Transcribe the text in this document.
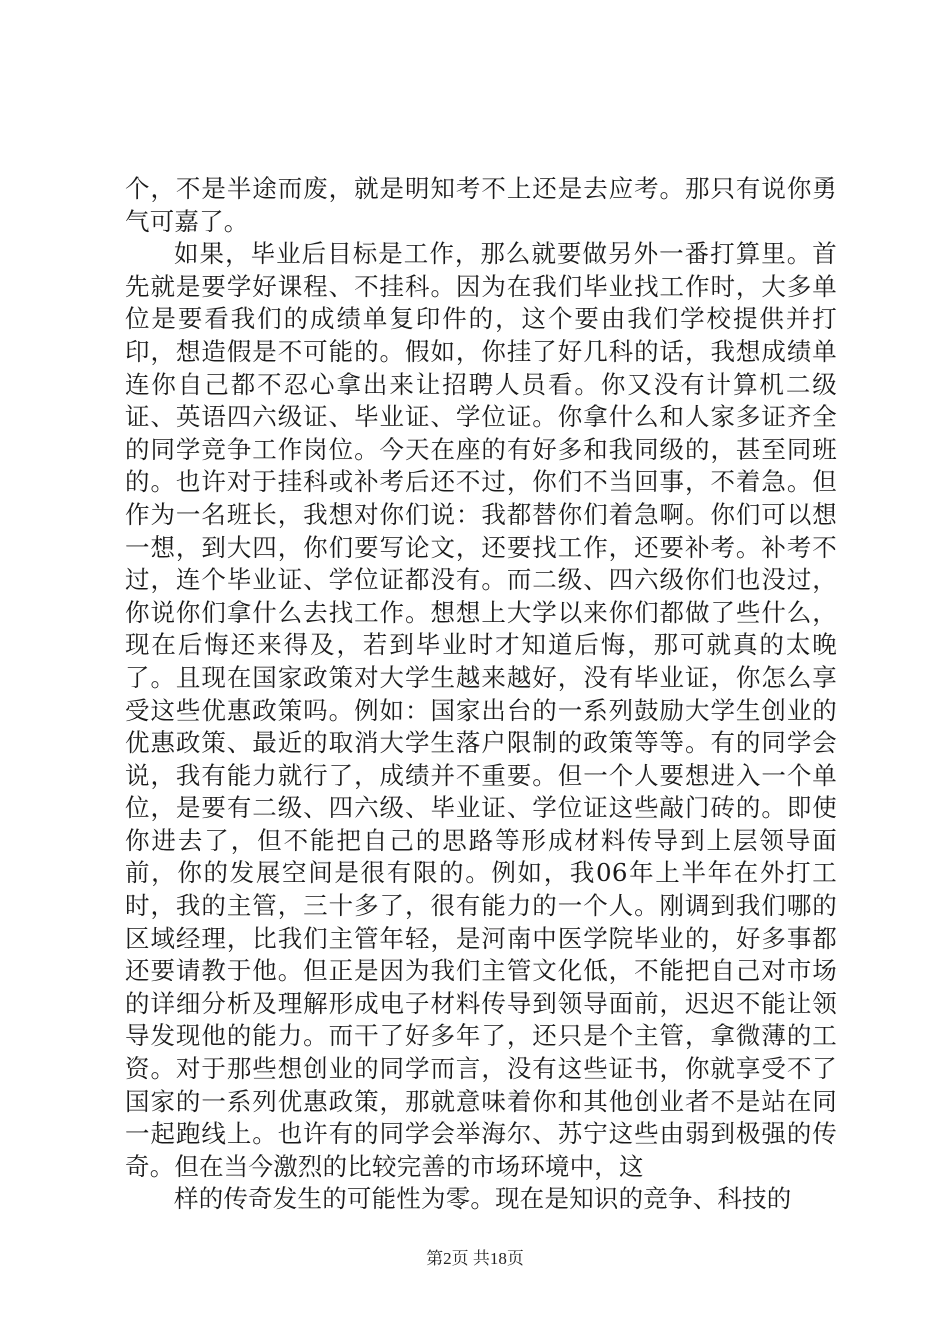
个，不是半途而废，就是明知考不上还是去应考。那只有说你勇气可嘉了。

如果，毕业后目标是工作，那么就要做另外一番打算里。首先就是要学好课程、不挂科。因为在我们毕业找工作时，大多单位是要看我们的成绩单复印件的，这个要由我们学校提供并打印，想造假是不可能的。假如，你挂了好几科的话，我想成绩单连你自己都不忍心拿出来让招聘人员看。你又没有计算机二级证、英语四六级证、毕业证、学位证。你拿什么和人家多证齐全的同学竞争工作岗位。今天在座的有好多和我同级的，甚至同班的。也许对于挂科或补考后还不过，你们不当回事，不着急。但作为一名班长，我想对你们说：我都替你们着急啊。你们可以想一想，到大四，你们要写论文，还要找工作，还要补考。补考不过，连个毕业证、学位证都没有。而二级、四六级你们也没过，你说你们拿什么去找工作。想想上大学以来你们都做了些什么，现在后悔还来得及，若到毕业时才知道后悔，那可就真的太晚了。且现在国家政策对大学生越来越好，没有毕业证，你怎么享受这些优惠政策吗。例如：国家出台的一系列鼓励大学生创业的优惠政策、最近的取消大学生落户限制的政策等等。有的同学会说，我有能力就行了，成绩并不重要。但一个人要想进入一个单位，是要有二级、四六级、毕业证、学位证这些敲门砖的。即使你进去了，但不能把自己的思路等形成材料传导到上层领导面前，你的发展空间是很有限的。例如，我06年上半年在外打工时，我的主管，三十多了，很有能力的一个人。刚调到我们哪的区域经理，比我们主管年轻，是河南中医学院毕业的，好多事都还要请教于他。但正是因为我们主管文化低，不能把自己对市场的详细分析及理解形成电子材料传导到领导面前，迟迟不能让领导发现他的能力。而干了好多年了，还只是个主管，拿微薄的工资。对于那些想创业的同学而言，没有这些证书，你就享受不了国家的一系列优惠政策，那就意味着你和其他创业者不是站在同一起跑线上。也许有的同学会举海尔、苏宁这些由弱到极强的传奇。但在当今激烈的比较完善的市场环境中，这

样的传奇发生的可能性为零。现在是知识的竞争、科技的

第2页 共18页
